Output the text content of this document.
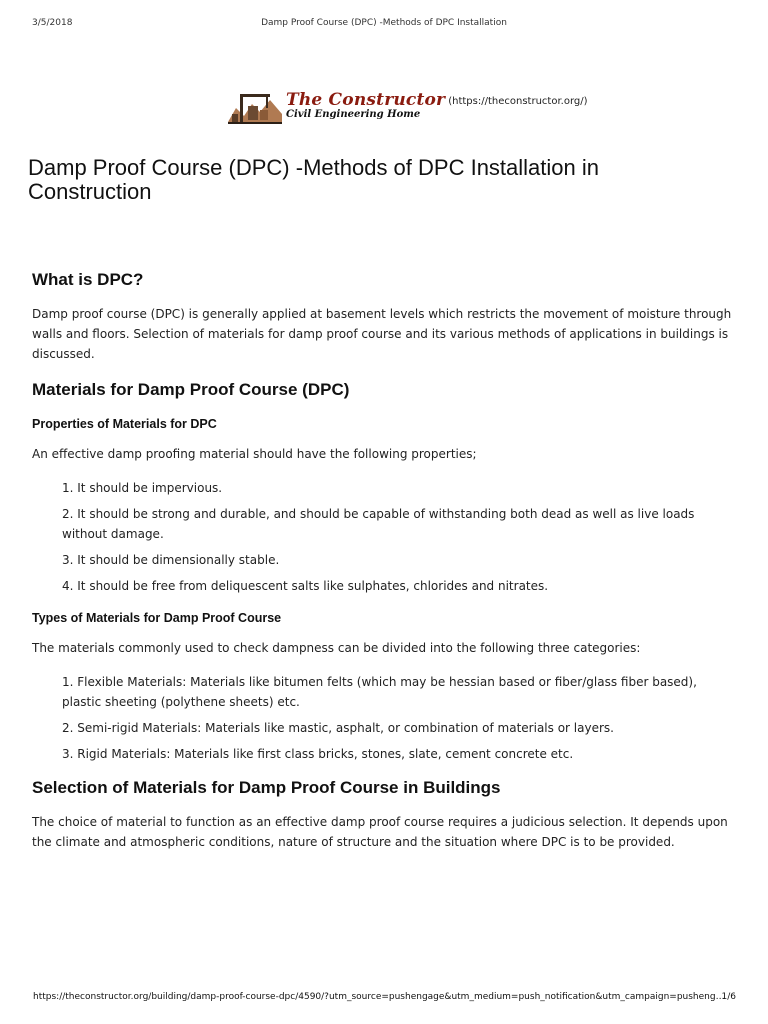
3/5/2018	Damp Proof Course (DPC) -Methods of DPC Installation
The Constructor
Civil Engineering Home
(https://theconstructor.org/)
Damp Proof Course (DPC) -Methods of DPC Installation in Construction
What is DPC?

Damp proof course (DPC) is generally applied at basement levels which restricts the movement of moisture through walls and floors. Selection of materials for damp proof course and its various methods of applications in buildings is discussed.

Materials for Damp Proof Course (DPC)
Properties of Materials for DPC

An effective damp proofing material should have the following properties;

1. It should be impervious.
2. It should be strong and durable, and should be capable of withstanding both dead as well as live loads without damage.
3. It should be dimensionally stable.
4. It should be free from deliquescent salts like sulphates, chlorides and nitrates.
Types of Materials for Damp Proof Course

The materials commonly used to check dampness can be divided into the following three categories:

1. Flexible Materials: Materials like bitumen felts (which may be hessian based or fiber/glass fiber based), plastic sheeting (polythene sheets) etc.
2. Semi-rigid Materials: Materials like mastic, asphalt, or combination of materials or layers.
3. Rigid Materials: Materials like first class bricks, stones, slate, cement concrete etc.
Selection of Materials for Damp Proof Course in Buildings

The choice of material to function as an effective damp proof course requires a judicious selection. It depends upon the climate and atmospheric conditions, nature of structure and the situation where DPC is to be provided.

https://theconstructor.org/building/damp-proof-course-dpc/4590/?utm_source=pushengage&utm_medium=push_notification&utm_campaign=pusheng…
1/6
